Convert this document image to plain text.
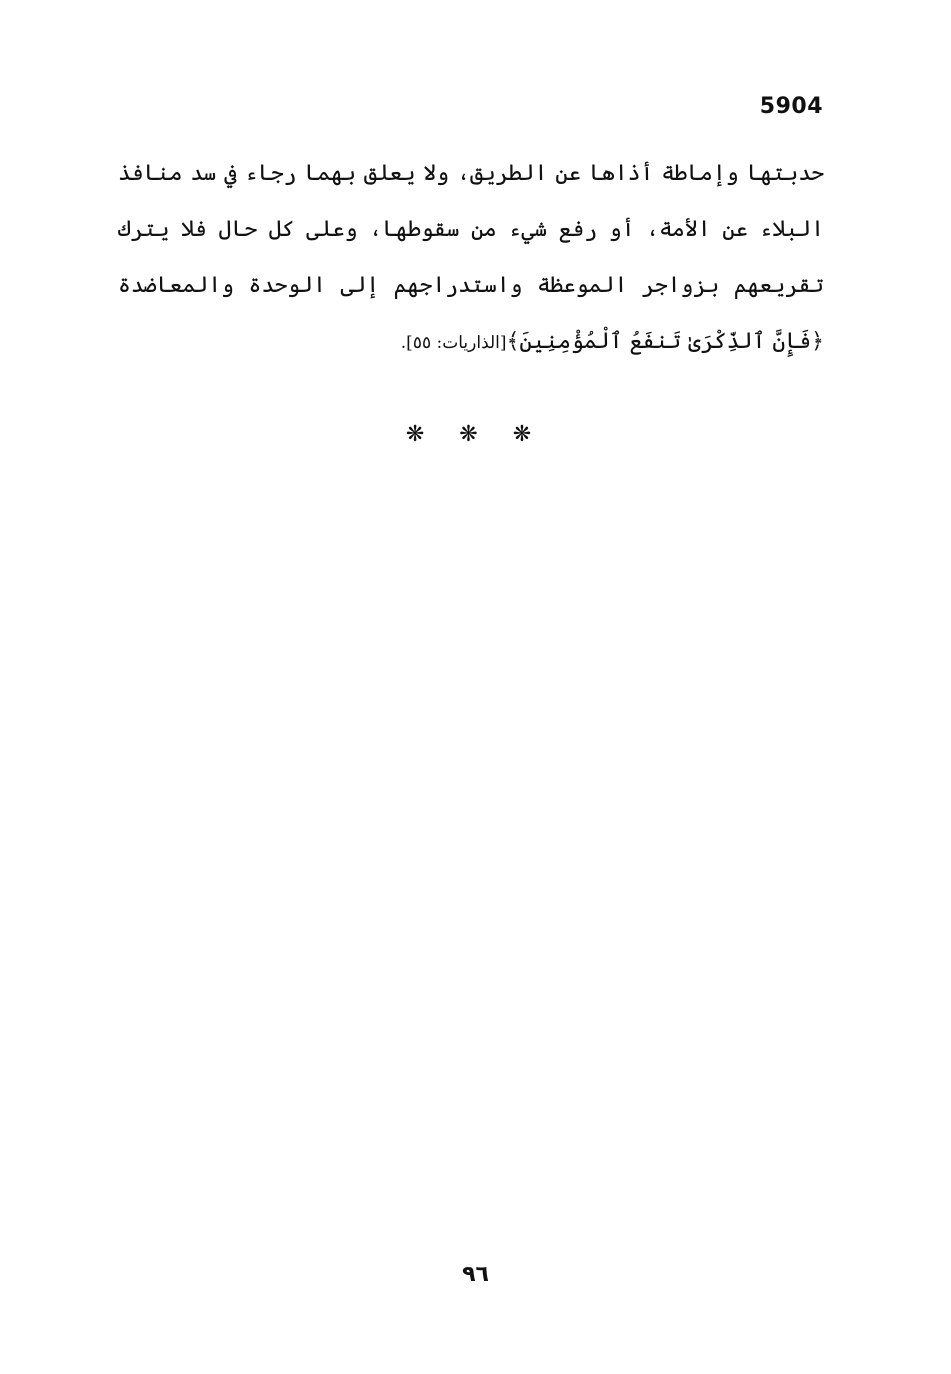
5904

حدبتها وإماطة أذاها عن الطريق، ولا يعلق بهما رجاء في سد منافذ البلاء عن الأمة، أو رفع شيء من سقوطها، وعلى كل حال فلا يترك تقريعهم بزواجر الموعظة واستدراجهم إلى الوحدة والمعاضدة ﴿فَإِنَّ ٱلذِّكْرَىٰ تَنفَعُ ٱلْمُؤْمِنِينَ﴾[الذاريات: ٥٥].

❋ ❋ ❋
٩٦
